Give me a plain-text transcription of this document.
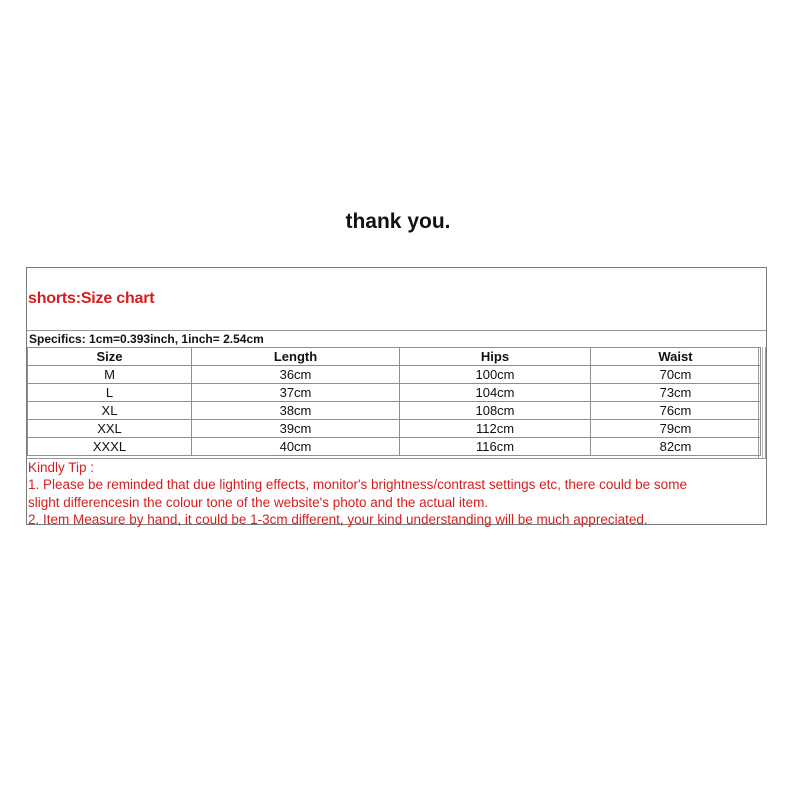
thank you.
shorts:Size chart
Specifics: 1cm=0.393inch, 1inch= 2.54cm
Size	Length	Hips	Waist
M	36cm	100cm	70cm
L	37cm	104cm	73cm
XL	38cm	108cm	76cm
XXL	39cm	112cm	79cm
XXXL	40cm	116cm	82cm
Kindly Tip :
1. Please be reminded that due lighting effects, monitor's brightness/contrast settings etc, there could be some
slight differencesin the colour tone of the website's photo and the actual item.
2. Item Measure by hand, it could be 1-3cm different, your kind understanding will be much appreciated.
